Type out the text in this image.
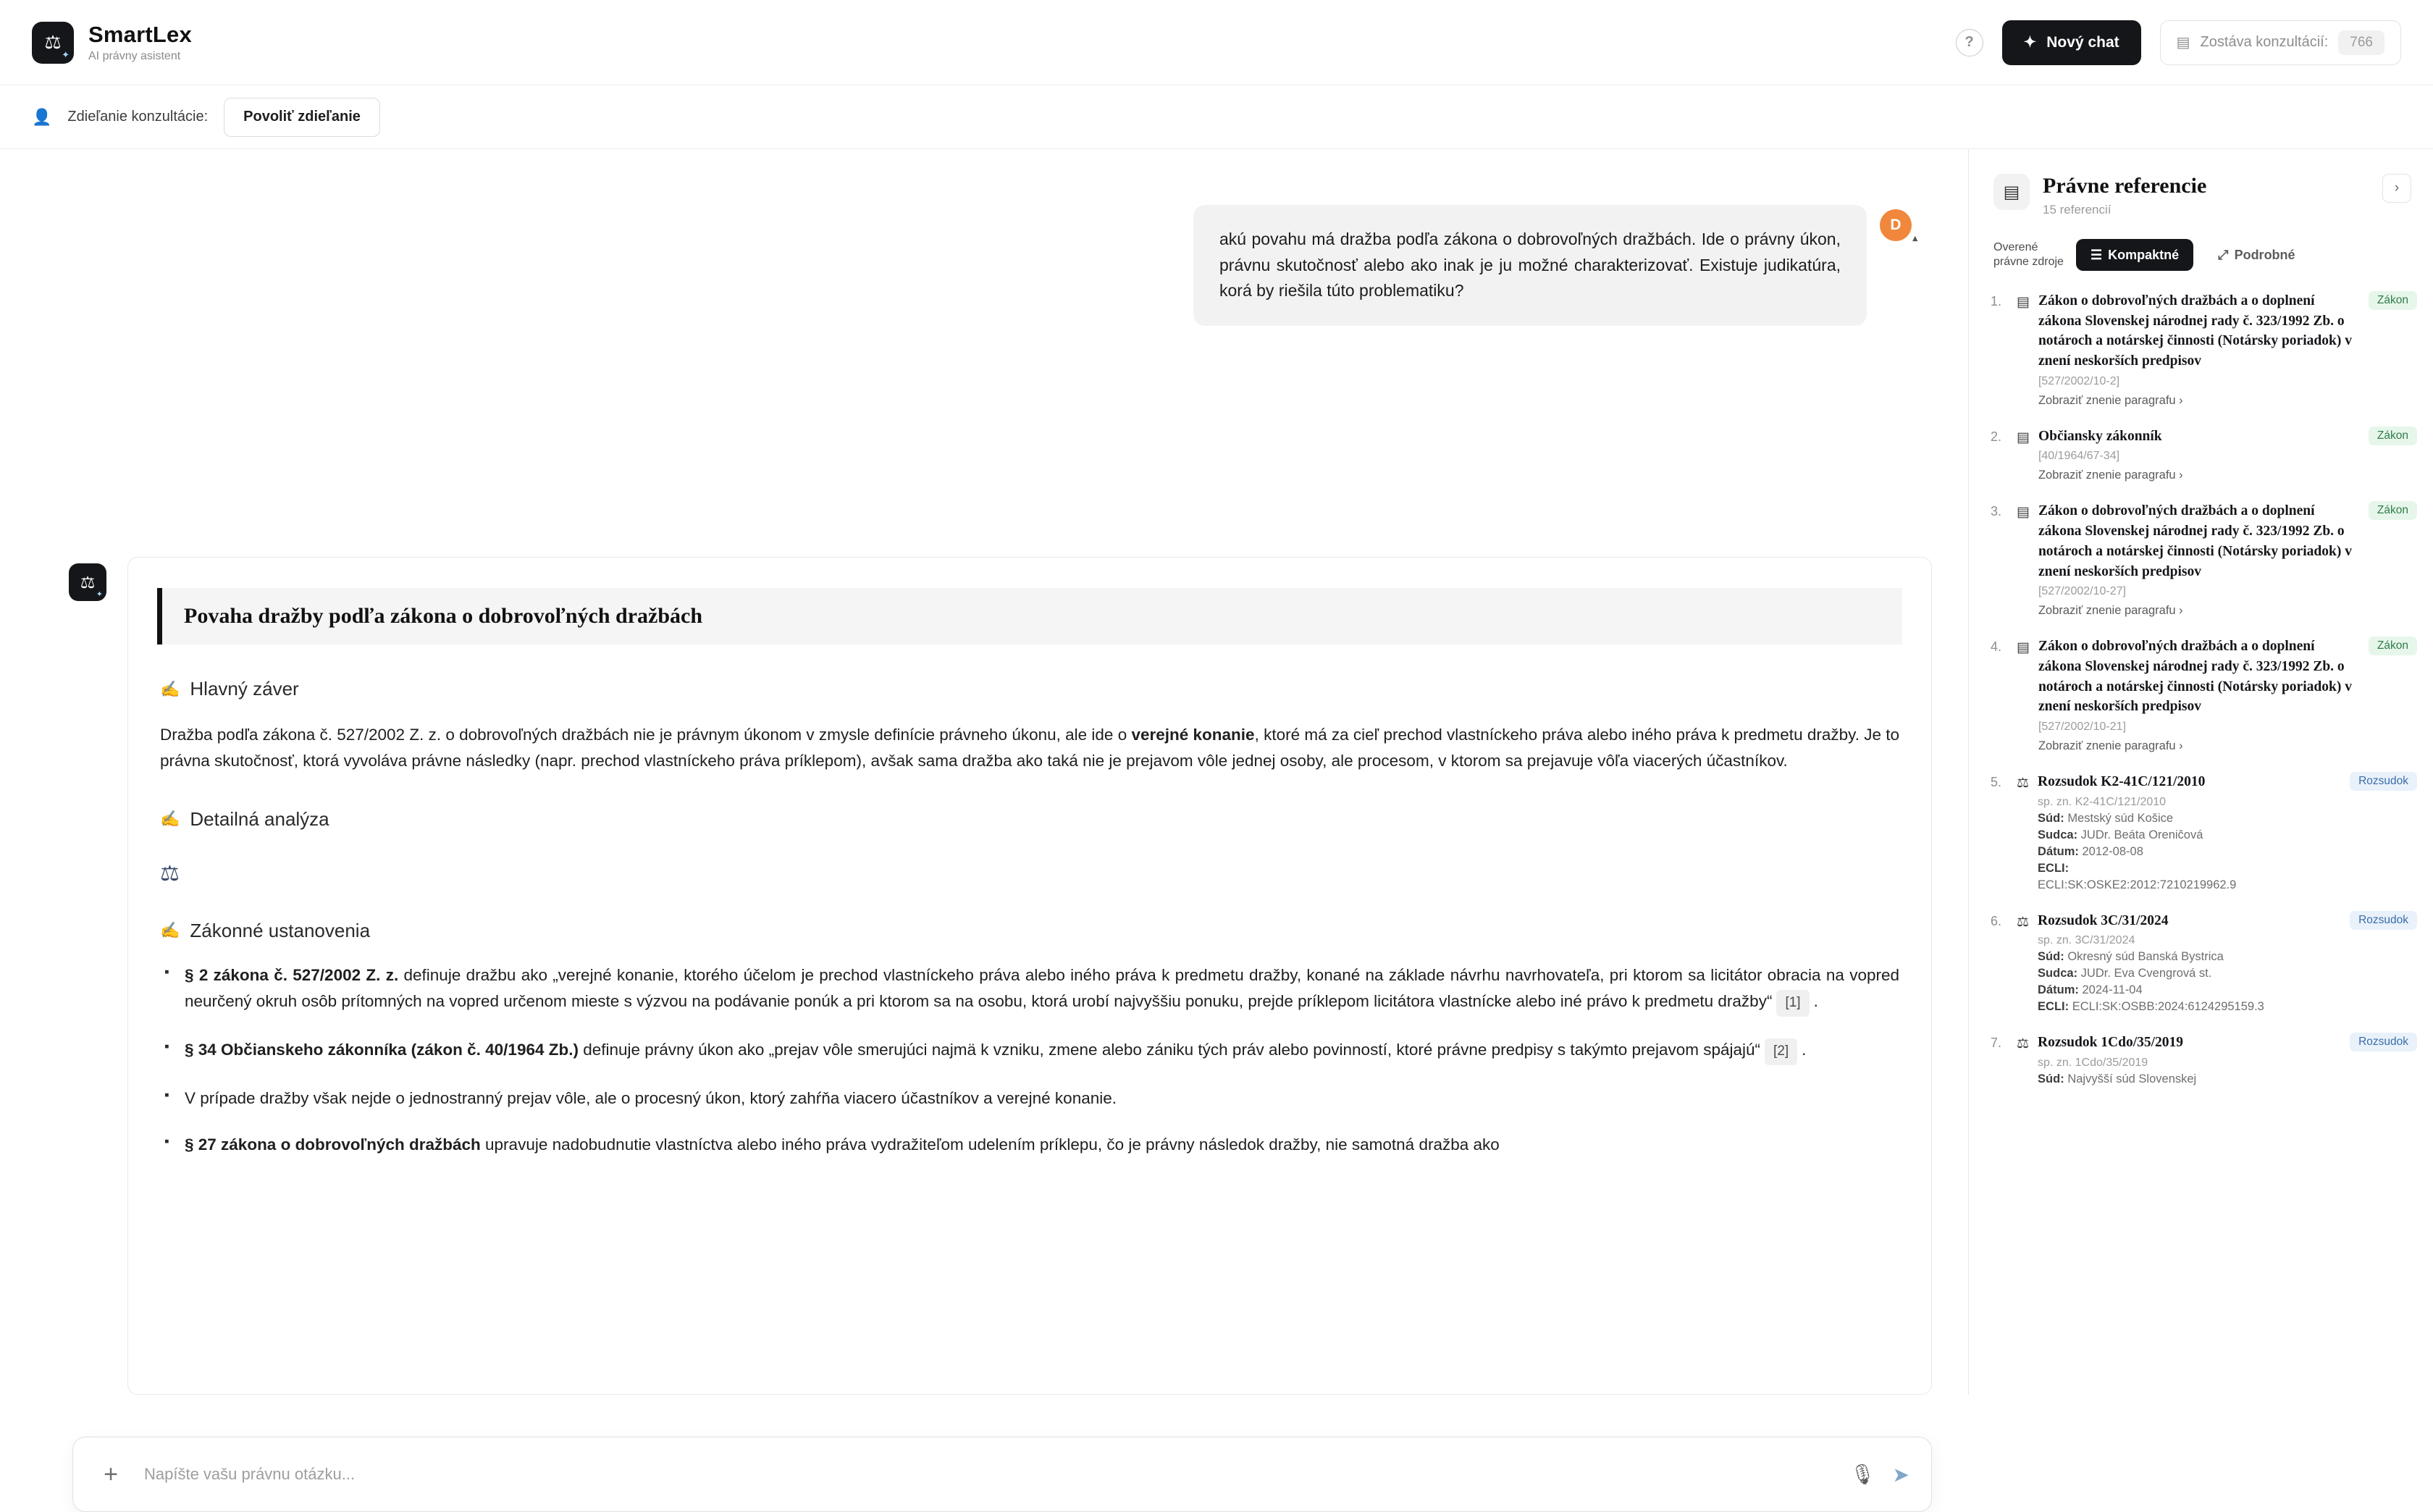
⚖
✦
SmartLex
AI právny asistent
?	✦ Nový chat	▤ Zostáva konzultácií:	766
👤 Zdieľanie konzultácie:	Povoliť zdieľanie
akú povahu má dražba podľa zákona o dobrovoľných dražbách. Ide o právny úkon, právnu skutočnosť alebo ako inak je ju možné charakterizovať. Existuje judikatúra, korá by riešila túto problematiku?
D
▴
⚖
✦
Povaha dražby podľa zákona o dobrovoľných dražbách
✍ Hlavný záver
Dražba podľa zákona č. 527/2002 Z. z. o dobrovoľných dražbách nie je právnym úkonom v zmysle definície právneho úkonu, ale ide o verejné konanie, ktoré má za cieľ prechod vlastníckeho práva alebo iného práva k predmetu dražby. Je to právna skutočnosť, ktorá vyvoláva právne následky (napr. prechod vlastníckeho práva príklepom), avšak sama dražba ako taká nie je prejavom vôle jednej osoby, ale procesom, v ktorom sa prejavuje vôľa viacerých účastníkov.
✍ Detailná analýza
⚖
✍ Zákonné ustanovenia
▪ § 2 zákona č. 527/2002 Z. z. definuje dražbu ako „verejné konanie, ktorého účelom je prechod vlastníckeho práva alebo iného práva k predmetu dražby, konané na základe návrhu navrhovateľa, pri ktorom sa licitátor obracia na vopred neurčený okruh osôb prítomných na vopred určenom mieste s výzvou na podávanie ponúk a pri ktorom sa na osobu, ktorá urobí najvyššiu ponuku, prejde príklepom licitátora vlastnícke alebo iné právo k predmetu dražby“ [1] .
▪ § 34 Občianskeho zákonníka (zákon č. 40/1964 Zb.) definuje právny úkon ako „prejav vôle smerujúci najmä k vzniku, zmene alebo zániku tých práv alebo povinností, ktoré právne predpisy s takýmto prejavom spájajú“ [2] .
▪ V prípade dražby však nejde o jednostranný prejav vôle, ale o procesný úkon, ktorý zahŕňa viacero účastníkov a verejné konanie.
▪ § 27 zákona o dobrovoľných dražbách upravuje nadobudnutie vlastníctva alebo iného práva vydražiteľom udelením príklepu, čo je právny následok dražby, nie samotná dražba ako
+
Napíšte vašu právnu otázku...	🎙 ➤
▤	Právne referencie
15 referencií
›
Overené právne zdroje ☰ Kompaktné	⤢ Podrobné
1.	▤ Zákon o dobrovoľných dražbách a o doplnení zákona Slovenskej národnej rady č. 323/1992 Zb. o notároch a notárskej činnosti (Notársky poriadok) v znení neskorších predpisov
[527/2002/10-2]
Zobraziť znenie paragrafu ›
Zákon
2.	▤ Občiansky zákonník
[40/1964/67-34]
Zobraziť znenie paragrafu ›
Zákon
3.	▤ Zákon o dobrovoľných dražbách a o doplnení zákona Slovenskej národnej rady č. 323/1992 Zb. o notároch a notárskej činnosti (Notársky poriadok) v znení neskorších predpisov
[527/2002/10-27]
Zobraziť znenie paragrafu ›
Zákon
4.	▤ Zákon o dobrovoľných dražbách a o doplnení zákona Slovenskej národnej rady č. 323/1992 Zb. o notároch a notárskej činnosti (Notársky poriadok) v znení neskorších predpisov
[527/2002/10-21]
Zobraziť znenie paragrafu ›
Zákon
5.	⚖ Rozsudok K2-41C/121/2010
sp. zn. K2-41C/121/2010
Súd: Mestský súd Košice
Sudca: JUDr. Beáta Oreničová
Dátum: 2012-08-08
ECLI:
ECLI:SK:OSKE2:2012:7210219962.9
Rozsudok
6.	⚖ Rozsudok 3C/31/2024
sp. zn. 3C/31/2024
Súd: Okresný súd Banská Bystrica
Sudca: JUDr. Eva Cvengrová st.
Dátum: 2024-11-04
ECLI: ECLI:SK:OSBB:2024:6124295159.3
Rozsudok
7.	⚖ Rozsudok 1Cdo/35/2019
sp. zn. 1Cdo/35/2019
Súd: Najvyšší súd Slovenskej
Rozsudok
